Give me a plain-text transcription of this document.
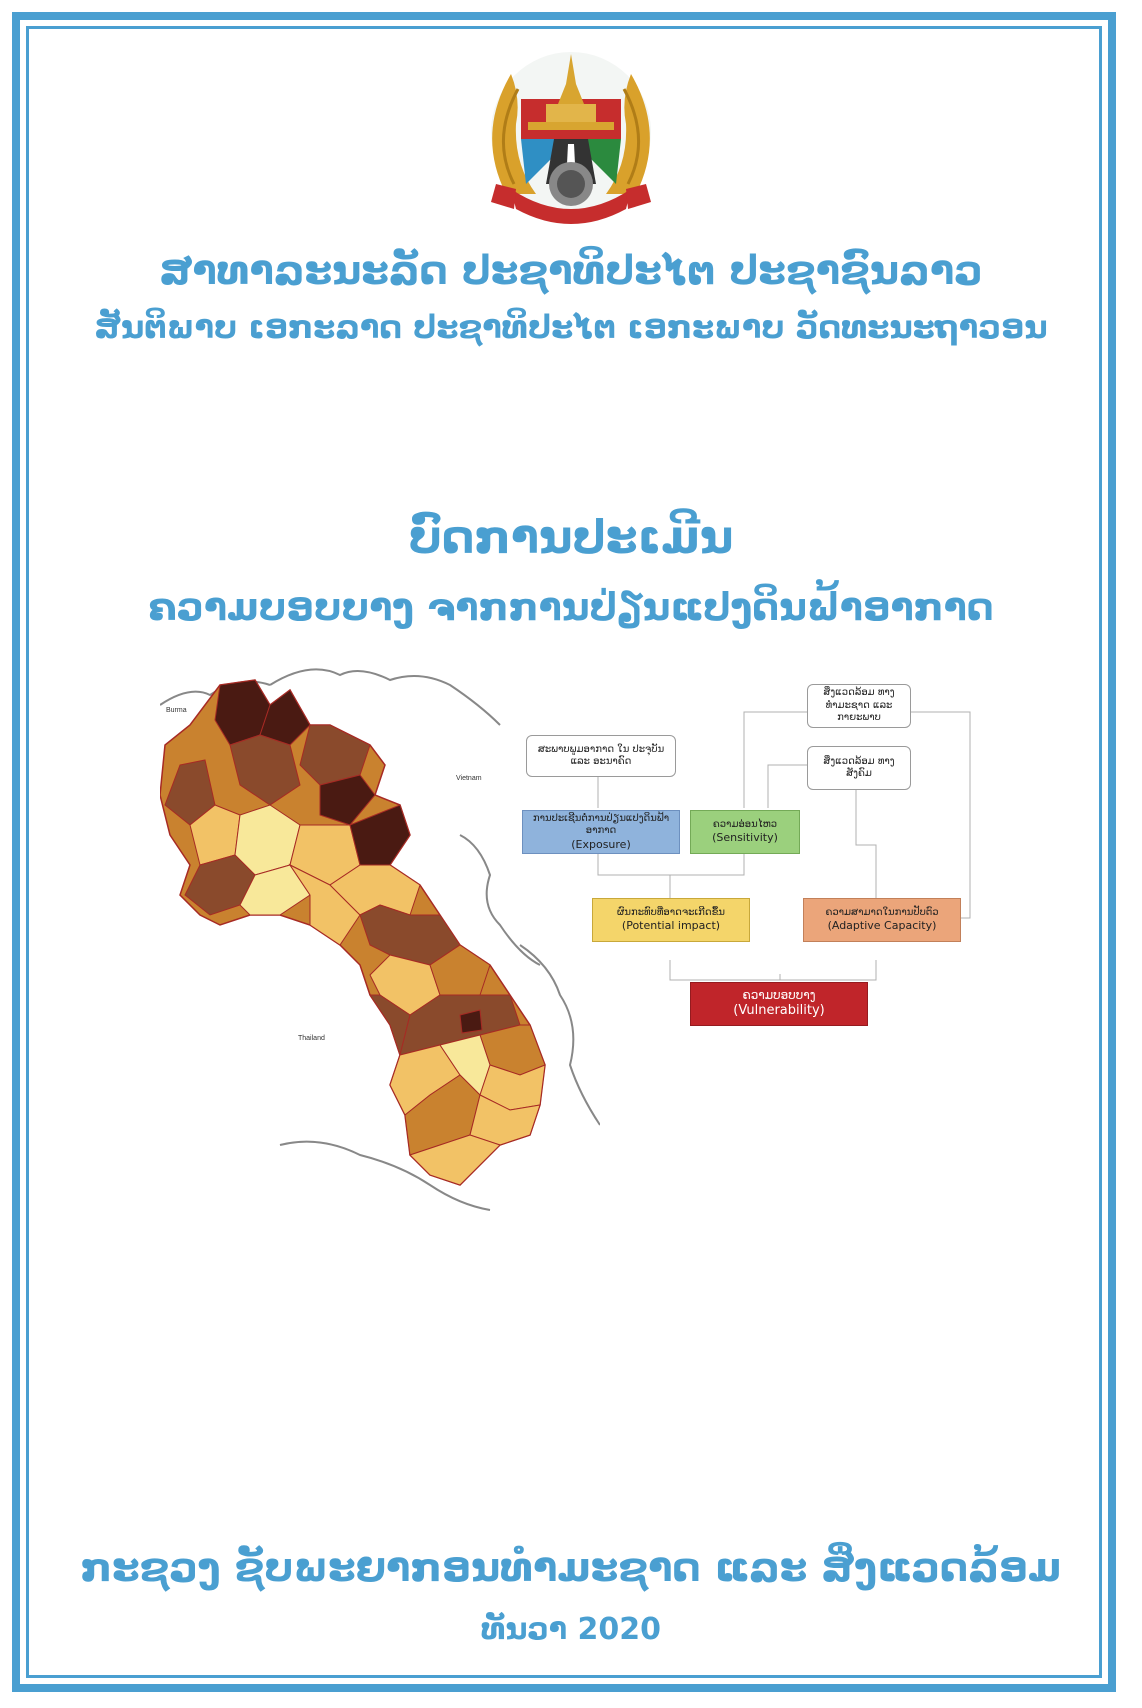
ສາທາລະນະລັດ ປະຊາທິປະໄຕ ປະຊາຊົນລາວ
ສັນຕິພາບ ເອກະລາດ ປະຊາທິປະໄຕ ເອກະພາບ ວັດທະນະຖາວອນ
ບົດການປະເມີນ
ຄວາມບອບບາງ ຈາກການປ່ຽນແປງດິນຟ້າອາກາດ
Burma
Vietnam
Thailand
ສິ່ງແວດລ້ອມ ທາງທຳມະຊາດ ແລະ ກາຍະພາບ
ສະພາບພູມອາກາດ ໃນ ປະຈຸບັນ ແລະ ອະນາຄົດ	ສິ່ງແວດລ້ອມ ທາງສັງຄົມ
ການປະເຊີນຕໍ່ການປ່ຽນແປງດິນຟ້າອາກາດ
(Exposure)
ຄວາມອ່ອນໄຫວ
(Sensitivity)
ຜົນກະທົບທີ່ອາດຈະເກີດຂຶ້ນ
(Potential impact)
ຄວາມສາມາດໃນການປັບຕົວ
(Adaptive Capacity)
ຄວາມບອບບາງ
(Vulnerability)
ກະຊວງ ຊັບພະຍາກອນທຳມະຊາດ ແລະ ສິ່ງແວດລ້ອມ
ທັນວາ 2020
